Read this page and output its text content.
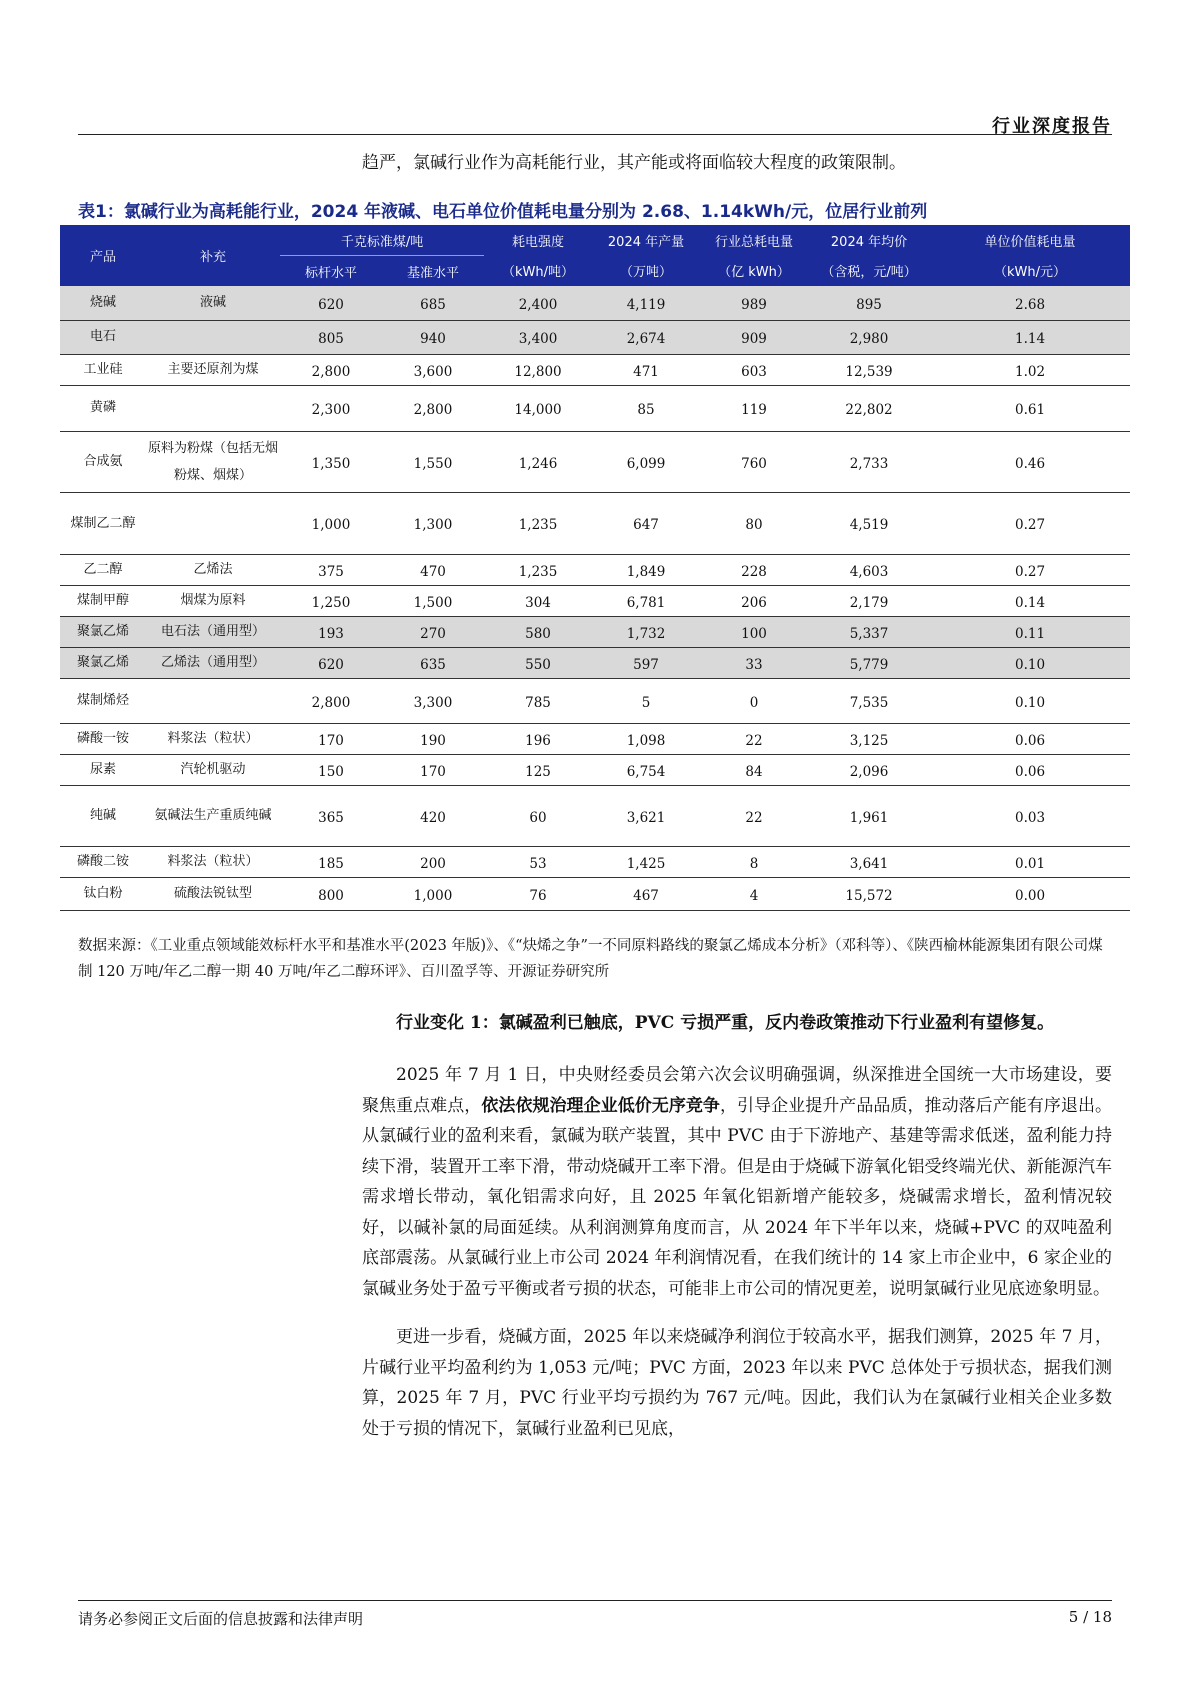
行业深度报告
趋严，氯碱行业作为高耗能行业，其产能或将面临较大程度的政策限制。
表1：氯碱行业为高耗能行业，2024 年液碱、电石单位价值耗电量分别为 2.68、1.14kWh/元，位居行业前列
产品	补充	千克标准煤/吨		耗电强度	2024 年产量	行业总耗电量	2024 年均价	单位价值耗电量
		标杆水平	基准水平	（kWh/吨）	（万吨）	（亿 kWh）	（含税，元/吨）	（kWh/元）
烧碱	液碱	620	685	2,400	4,119	989	895	2.68
电石		805	940	3,400	2,674	909	2,980	1.14
工业硅	主要还原剂为煤	2,800	3,600	12,800	471	603	12,539	1.02
黄磷		2,300	2,800	14,000	85	119	22,802	0.61
合成氨	原料为粉煤（包括无烟粉煤、烟煤）	1,350	1,550	1,246	6,099	760	2,733	0.46
煤制乙二醇		1,000	1,300	1,235	647	80	4,519	0.27
乙二醇	乙烯法	375	470	1,235	1,849	228	4,603	0.27
煤制甲醇	烟煤为原料	1,250	1,500	304	6,781	206	2,179	0.14
聚氯乙烯	电石法（通用型）	193	270	580	1,732	100	5,337	0.11
聚氯乙烯	乙烯法（通用型）	620	635	550	597	33	5,779	0.10
煤制烯烃		2,800	3,300	785	5	0	7,535	0.10
磷酸一铵	料浆法（粒状）	170	190	196	1,098	22	3,125	0.06
尿素	汽轮机驱动	150	170	125	6,754	84	2,096	0.06
纯碱	氨碱法生产重质纯碱	365	420	60	3,621	22	1,961	0.03
磷酸二铵	料浆法（粒状）	185	200	53	1,425	8	3,641	0.01
钛白粉	硫酸法锐钛型	800	1,000	76	467	4	15,572	0.00
数据来源：《工业重点领域能效标杆水平和基准水平(2023 年版)》、《“炔烯之争”一不同原料路线的聚氯乙烯成本分析》（邓科等）、《陕西榆林能源集团有限公司煤制 120 万吨/年乙二醇一期 40 万吨/年乙二醇环评》、百川盈孚等、开源证券研究所
行业变化 1：氯碱盈利已触底，PVC 亏损严重，反内卷政策推动下行业盈利有望修复。

2025 年 7 月 1 日，中央财经委员会第六次会议明确强调，纵深推进全国统一大市场建设，要聚焦重点难点，依法依规治理企业低价无序竞争，引导企业提升产品品质，推动落后产能有序退出。从氯碱行业的盈利来看，氯碱为联产装置，其中 PVC 由于下游地产、基建等需求低迷，盈利能力持续下滑，装置开工率下滑，带动烧碱开工率下滑。但是由于烧碱下游氧化铝受终端光伏、新能源汽车需求增长带动，氧化铝需求向好，且 2025 年氧化铝新增产能较多，烧碱需求增长，盈利情况较好，以碱补氯的局面延续。从利润测算角度而言，从 2024 年下半年以来，烧碱+PVC 的双吨盈利底部震荡。从氯碱行业上市公司 2024 年利润情况看，在我们统计的 14 家上市企业中，6 家企业的氯碱业务处于盈亏平衡或者亏损的状态，可能非上市公司的情况更差，说明氯碱行业见底迹象明显。

更进一步看，烧碱方面，2025 年以来烧碱净利润位于较高水平，据我们测算，2025 年 7 月，片碱行业平均盈利约为 1,053 元/吨；PVC 方面，2023 年以来 PVC 总体处于亏损状态，据我们测算，2025 年 7 月，PVC 行业平均亏损约为 767 元/吨。因此，我们认为在氯碱行业相关企业多数处于亏损的情况下，氯碱行业盈利已见底，

请务必参阅正文后面的信息披露和法律声明	5 / 18
